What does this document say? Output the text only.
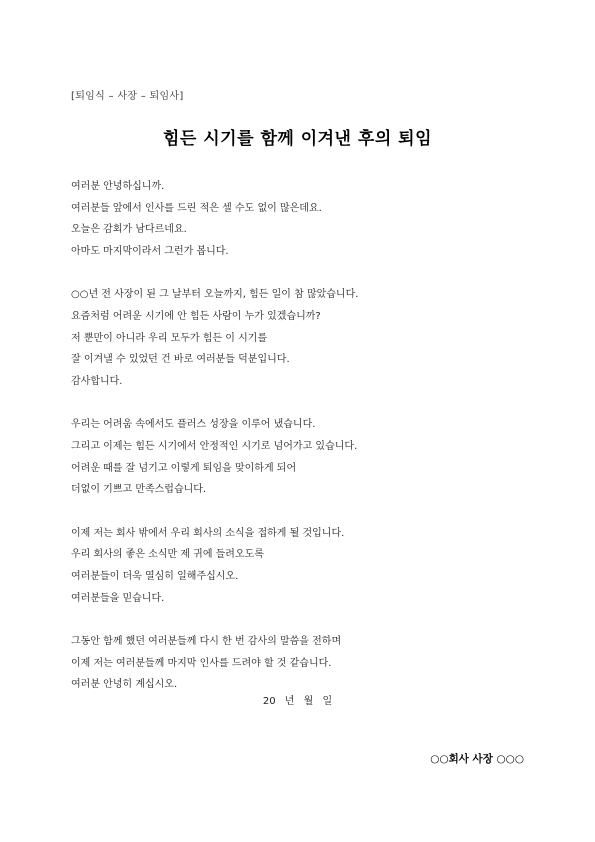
[퇴임식 – 사장 – 퇴임사]
힘든 시기를 함께 이겨낸 후의 퇴임
여러분 안녕하십니까.
여러분들 앞에서 인사를 드린 적은 셀 수도 없이 많은데요.
오늘은 감회가 남다르네요.
아마도 마지막이라서 그런가 봅니다.
○○년 전 사장이 된 그 날부터 오늘까지, 힘든 일이 참 많았습니다.
요즘처럼 어려운 시기에 안 힘든 사람이 누가 있겠습니까?
저 뿐만이 아니라 우리 모두가 힘든 이 시기를
잘 이겨낼 수 있었던 건 바로 여러분들 덕분입니다.
감사합니다.
우리는 어려움 속에서도 플러스 성장을 이루어 냈습니다.
그리고 이제는 힘든 시기에서 안정적인 시기로 넘어가고 있습니다.
어려운 때를 잘 넘기고 이렇게 퇴임을 맞이하게 되어
더없이 기쁘고 만족스럽습니다.
이제 저는 회사 밖에서 우리 회사의 소식을 접하게 될 것입니다.
우리 회사의 좋은 소식만 제 귀에 들려오도록
여러분들이 더욱 열심히 일해주십시오.
여러분들을 믿습니다.
그동안 함께 했던 여러분들께 다시 한 번 감사의 말씀을 전하며
이제 저는 여러분들께 마지막 인사를 드려야 할 것 같습니다.
여러분 안녕히 계십시오.
20 년 월 일
○○회사 사장 ○○○
